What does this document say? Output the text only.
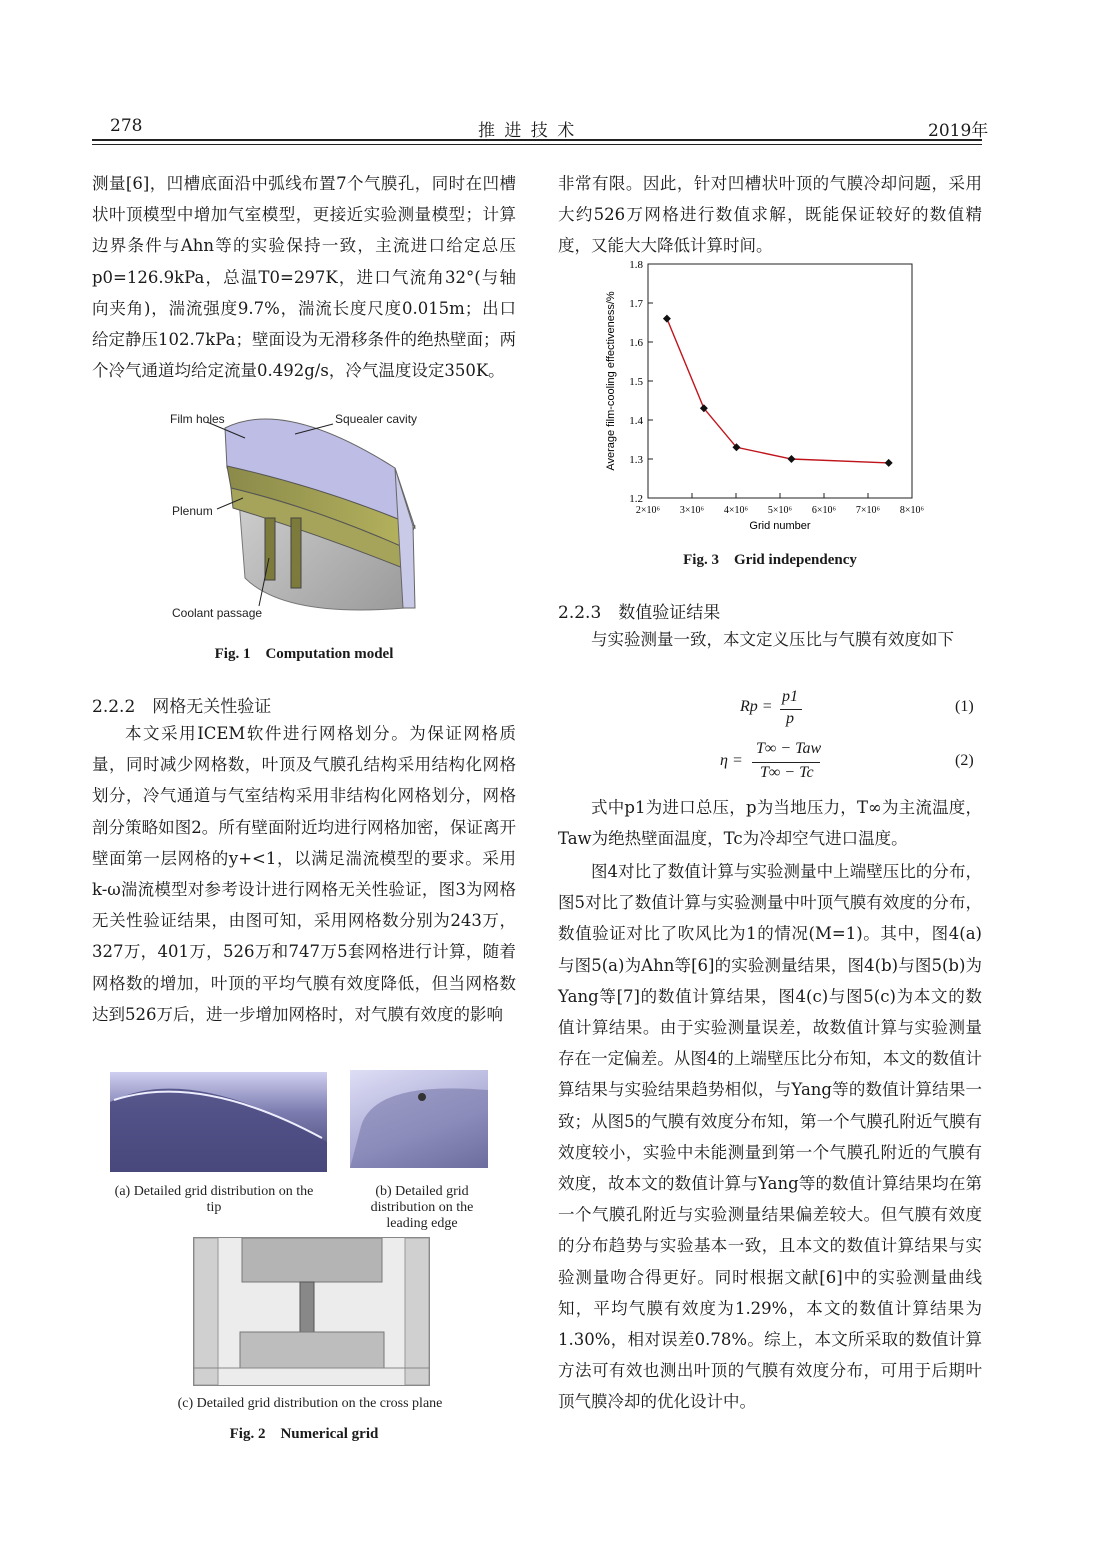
278	推 进 技 术	2019年

测量[6]，凹槽底面沿中弧线布置7个气膜孔，同时在凹槽状叶顶模型中增加气室模型，更接近实验测量模型；计算边界条件与Ahn等的实验保持一致，主流进口给定总压p0=126.9kPa，总温T0=297K，进口气流角32°(与轴向夹角)，湍流强度9.7%，湍流长度尺度0.015m；出口给定静压102.7kPa；壁面设为无滑移条件的绝热壁面；两个冷气通道均给定流量0.492g/s，冷气温度设定350K。

Film holes	Squealer cavity
Plenum
Coolant passage
Fig. 1　Computation model
2.2.2　网格无关性验证

本文采用ICEM软件进行网格划分。为保证网格质量，同时减少网格数，叶顶及气膜孔结构采用结构化网格划分，冷气通道与气室结构采用非结构化网格划分，网格剖分策略如图2。所有壁面附近均进行网格加密，保证离开壁面第一层网格的y+<1，以满足湍流模型的要求。采用k-ω湍流模型对参考设计进行网格无关性验证，图3为网格无关性验证结果，由图可知，采用网格数分别为243万，327万，401万，526万和747万5套网格进行计算，随着网格数的增加，叶顶的平均气膜有效度降低，但当网格数达到526万后，进一步增加网格时，对气膜有效度的影响

(a) Detailed grid distribution on the tip
(b) Detailed grid distribution on the leading edge
(c) Detailed grid distribution on the cross plane
Fig. 2　Numerical grid

非常有限。因此，针对凹槽状叶顶的气膜冷却问题，采用大约526万网格进行数值求解，既能保证较好的数值精度，又能大大降低计算时间。

1.2
1.3
1.4
1.5
1.6
1.7
1.8
2×10⁶ 3×10⁶ 4×10⁶ 5×10⁶ 6×10⁶ 7×10⁶ 8×10⁶
Grid number
Average film-cooling effectiveness/%
Fig. 3　Grid independency
2.2.3　数值验证结果

与实验测量一致，本文定义压比与气膜有效度如下

Rp =
p1
p
(1)
η =
T∞ − Taw
T∞ − Tc
(2)

式中p1为进口总压，p为当地压力，T∞为主流温度，Taw为绝热壁面温度，Tc为冷却空气进口温度。

图4对比了数值计算与实验测量中上端壁压比的分布，图5对比了数值计算与实验测量中叶顶气膜有效度的分布，数值验证对比了吹风比为1的情况(M=1)。其中，图4(a)与图5(a)为Ahn等[6]的实验测量结果，图4(b)与图5(b)为Yang等[7]的数值计算结果，图4(c)与图5(c)为本文的数值计算结果。由于实验测量误差，故数值计算与实验测量存在一定偏差。从图4的上端壁压比分布知，本文的数值计算结果与实验结果趋势相似，与Yang等的数值计算结果一致；从图5的气膜有效度分布知，第一个气膜孔附近气膜有效度较小，实验中未能测量到第一个气膜孔附近的气膜有效度，故本文的数值计算与Yang等的数值计算结果均在第一个气膜孔附近与实验测量结果偏差较大。但气膜有效度的分布趋势与实验基本一致，且本文的数值计算结果与实验测量吻合得更好。同时根据文献[6]中的实验测量曲线知，平均气膜有效度为1.29%，本文的数值计算结果为1.30%，相对误差0.78%。综上，本文所采取的数值计算方法可有效也测出叶顶的气膜有效度分布，可用于后期叶顶气膜冷却的优化设计中。
